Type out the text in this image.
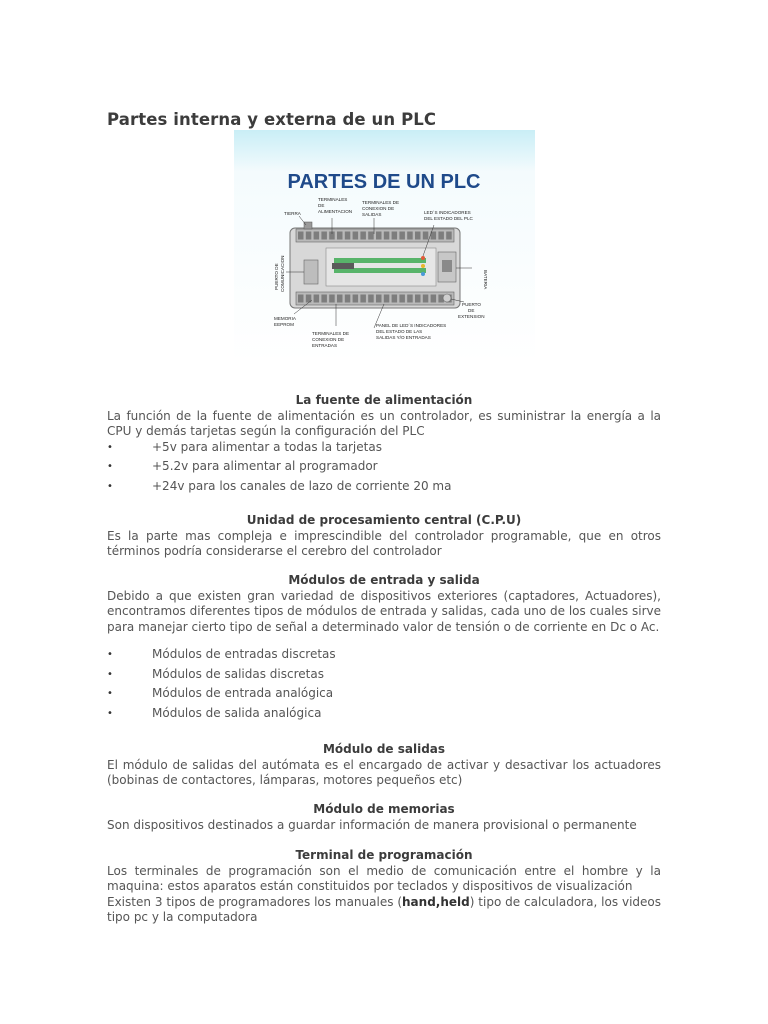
Partes interna y externa de un PLC
PARTES DE UN PLC
TIERRA
TERMINALES
DE
ALIMENTACION
TERMINALES DE
CONEXION DE
SALIDAS	LED´S INDICADORES
DEL ESTADO DEL PLC
BATERIA
PUERTO DE COMUNICACION
MEMORIA
EEPROM
TERMINALES DE
CONEXION DE
ENTRADAS
PANEL DE LED´S INDICADORES
DEL ESTADO DE LAS
SALIDAS Y/O ENTRADAS
PUERTO
DE
EXTENSION
La fuente de alimentación

La función de la fuente de alimentación es un controlador, es suministrar la energía a la CPU y demás tarjetas según la configuración del PLC

•	+5v para alimentar a todas la tarjetas
•	+5.2v para alimentar al programador
•	+24v para los canales de lazo de corriente 20 ma
Unidad de procesamiento central (C.P.U)

Es la parte mas compleja e imprescindible del controlador programable, que en otros términos podría considerarse el cerebro del controlador

Módulos de entrada y salida

Debido a que existen gran variedad de dispositivos exteriores (captadores, Actuadores), encontramos diferentes tipos de módulos de entrada y salidas, cada uno de los cuales sirve para manejar cierto tipo de señal a determinado valor de tensión o de corriente en Dc o Ac.

•	Módulos de entradas discretas
•	Módulos de salidas discretas
•	Módulos de entrada analógica
•	Módulos de salida analógica
Módulo de salidas

El módulo de salidas del autómata es el encargado de activar y desactivar los actuadores (bobinas de contactores, lámparas, motores pequeños etc)

Módulo de memorias

Son dispositivos destinados a guardar información de manera provisional o permanente

Terminal de programación

Los terminales de programación son el medio de comunicación entre el hombre y la maquina: estos aparatos están constituidos por teclados y dispositivos de visualización

Existen 3 tipos de programadores los manuales (hand,held) tipo de calculadora, los videos tipo pc y la computadora
